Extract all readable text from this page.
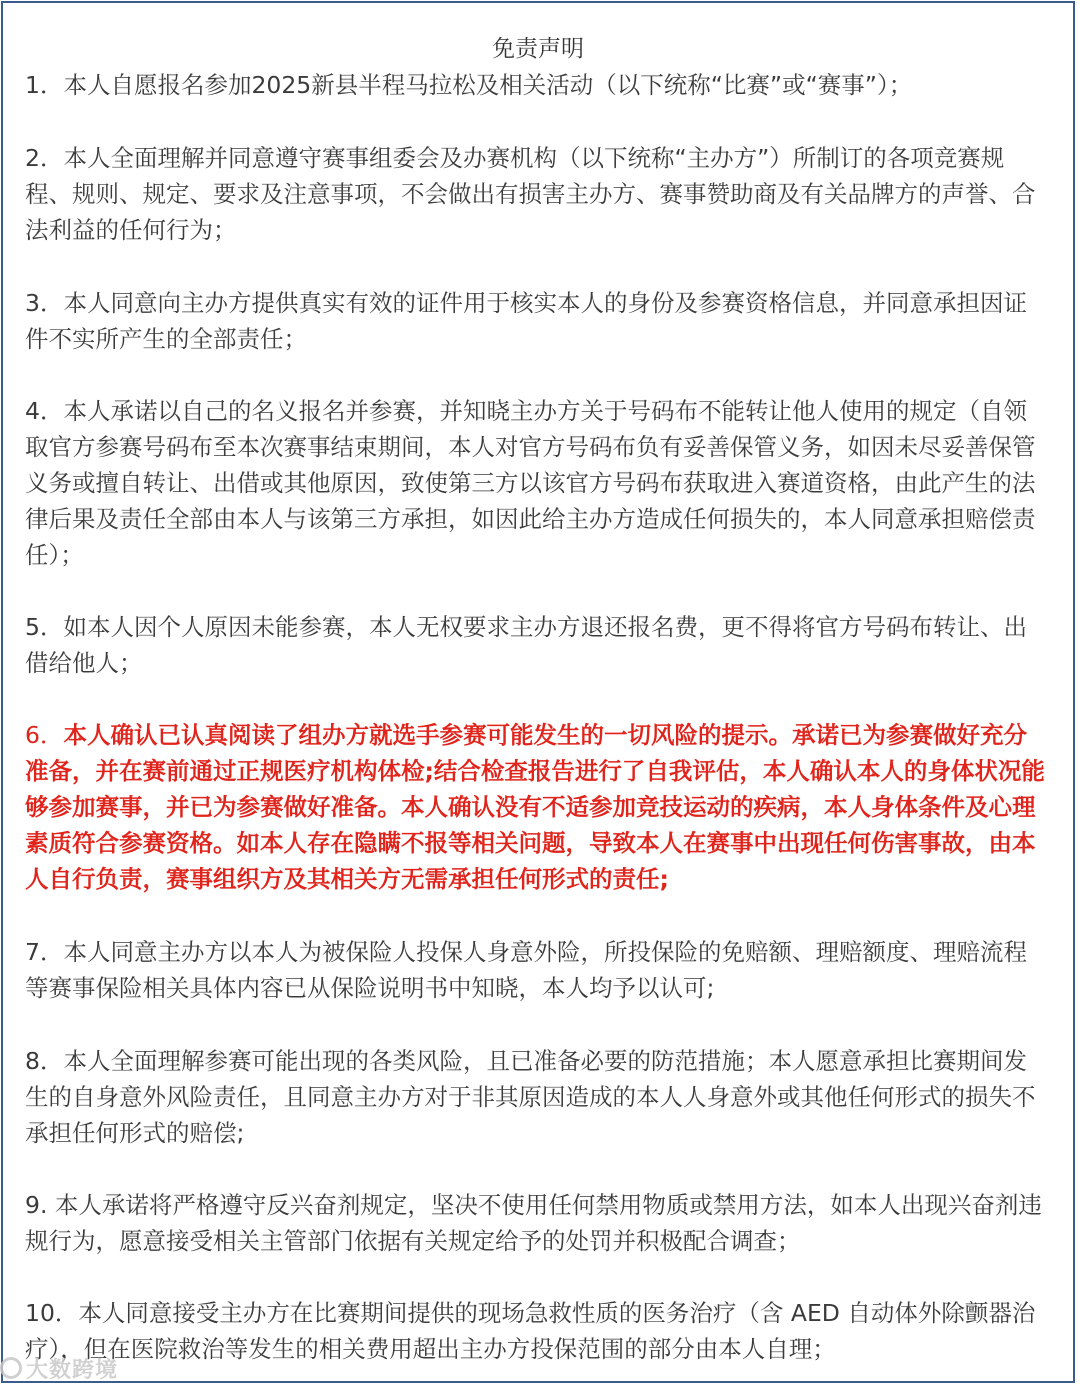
免责声明

1．本人自愿报名参加2025新县半程马拉松及相关活动（以下统称“比赛”或“赛事”）；

2．本人全面理解并同意遵守赛事组委会及办赛机构（以下统称“主办方”）所制订的各项竞赛规程、规则、规定、要求及注意事项，不会做出有损害主办方、赛事赞助商及有关品牌方的声誉、合法利益的任何行为；

3．本人同意向主办方提供真实有效的证件用于核实本人的身份及参赛资格信息，并同意承担因证件不实所产生的全部责任；

4．本人承诺以自己的名义报名并参赛，并知晓主办方关于号码布不能转让他人使用的规定（自领取官方参赛号码布至本次赛事结束期间，本人对官方号码布负有妥善保管义务，如因未尽妥善保管义务或擅自转让、出借或其他原因，致使第三方以该官方号码布获取进入赛道资格，由此产生的法律后果及责任全部由本人与该第三方承担，如因此给主办方造成任何损失的，本人同意承担赔偿责任）；

5．如本人因个人原因未能参赛，本人无权要求主办方退还报名费，更不得将官方号码布转让、出借给他人；

6．本人确认已认真阅读了组办方就选手参赛可能发生的一切风险的提示。承诺已为参赛做好充分准备，并在赛前通过正规医疗机构体检;结合检查报告进行了自我评估，本人确认本人的身体状况能够参加赛事，并已为参赛做好准备。本人确认没有不适参加竞技运动的疾病，本人身体条件及心理素质符合参赛资格。如本人存在隐瞒不报等相关问题，导致本人在赛事中出现任何伤害事故，由本人自行负责，赛事组织方及其相关方无需承担任何形式的责任;

7．本人同意主办方以本人为被保险人投保人身意外险，所投保险的免赔额、理赔额度、理赔流程等赛事保险相关具体内容已从保险说明书中知晓，本人均予以认可;

8．本人全面理解参赛可能出现的各类风险，且已准备必要的防范措施；本人愿意承担比赛期间发生的自身意外风险责任，且同意主办方对于非其原因造成的本人人身意外或其他任何形式的损失不承担任何形式的赔偿;

9. 本人承诺将严格遵守反兴奋剂规定，坚决不使用任何禁用物质或禁用方法，如本人出现兴奋剂违规行为，愿意接受相关主管部门依据有关规定给予的处罚并积极配合调查；

10．本人同意接受主办方在比赛期间提供的现场急救性质的医务治疗（含 AED 自动体外除颤器治疗），但在医院救治等发生的相关费用超出主办方投保范围的部分由本人自理；

大数跨境
